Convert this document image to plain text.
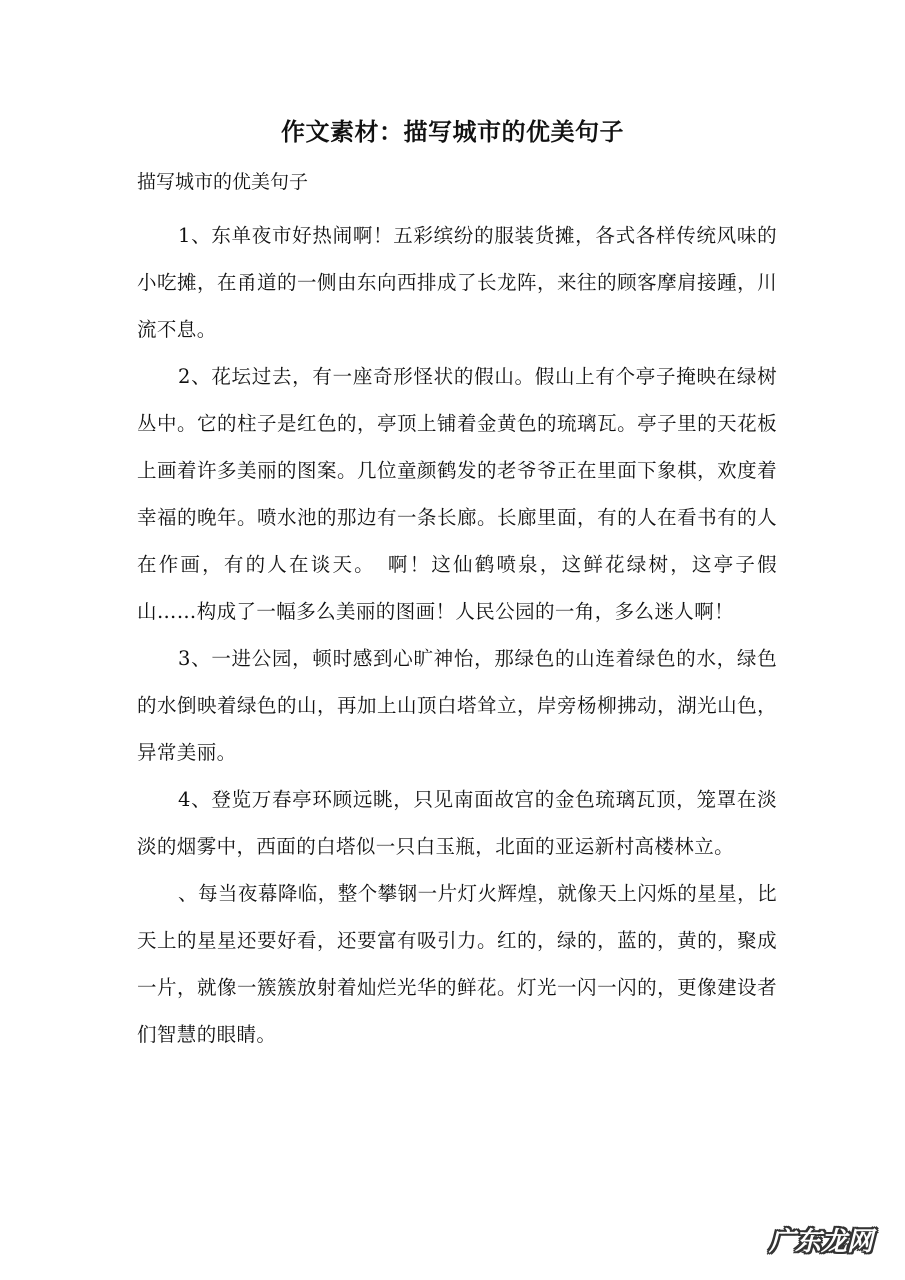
作文素材：描写城市的优美句子
描写城市的优美句子

1、东单夜市好热闹啊！五彩缤纷的服装货摊，各式各样传统风味的小吃摊，在甬道的一侧由东向西排成了长龙阵，来往的顾客摩肩接踵，川流不息。

2、花坛过去，有一座奇形怪状的假山。假山上有个亭子掩映在绿树丛中。它的柱子是红色的，亭顶上铺着金黄色的琉璃瓦。亭子里的天花板上画着许多美丽的图案。几位童颜鹤发的老爷爷正在里面下象棋，欢度着幸福的晚年。喷水池的那边有一条长廊。长廊里面，有的人在看书有的人在作画，有的人在谈天。　啊！这仙鹤喷泉，这鲜花绿树，这亭子假山……构成了一幅多么美丽的图画！人民公园的一角，多么迷人啊！

3、一进公园，顿时感到心旷神怡，那绿色的山连着绿色的水，绿色的水倒映着绿色的山，再加上山顶白塔耸立，岸旁杨柳拂动，湖光山色，异常美丽。

4、登览万春亭环顾远眺，只见南面故宫的金色琉璃瓦顶，笼罩在淡淡的烟雾中，西面的白塔似一只白玉瓶，北面的亚运新村高楼林立。

、每当夜幕降临，整个攀钢一片灯火辉煌，就像天上闪烁的星星，比天上的星星还要好看，还要富有吸引力。红的，绿的，蓝的，黄的，聚成一片，就像一簇簇放射着灿烂光华的鲜花。灯光一闪一闪的，更像建设者们智慧的眼睛。

广东龙网
